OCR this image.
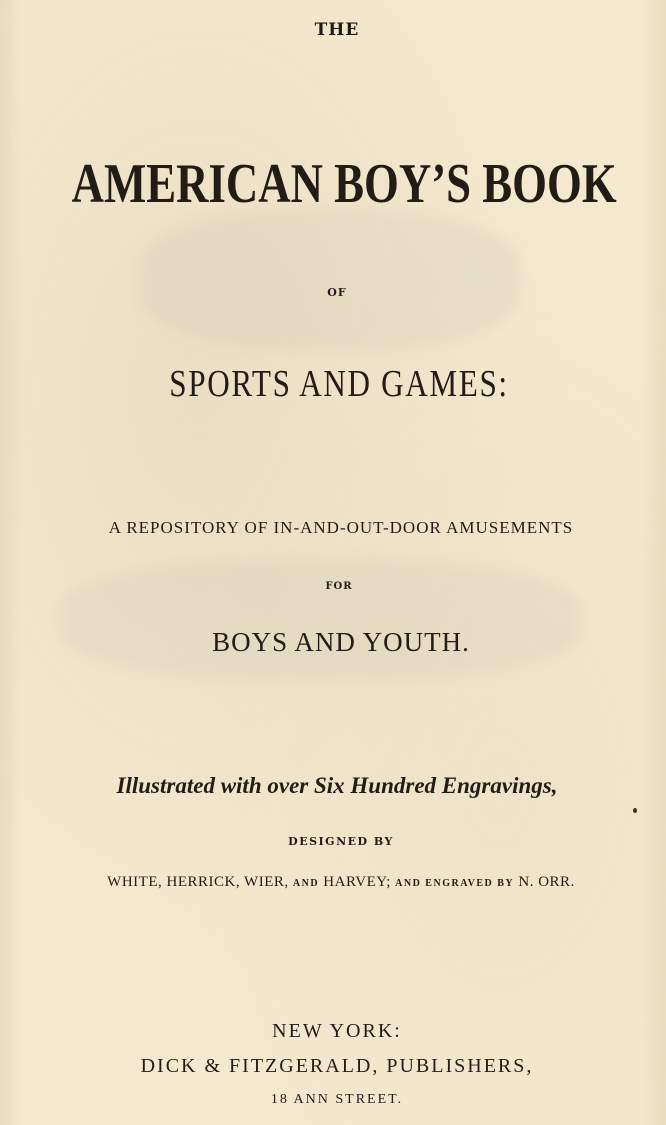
THE
AMERICAN BOY’S BOOK
OF
SPORTS AND GAMES:
A REPOSITORY OF IN-AND-OUT-DOOR AMUSEMENTS
FOR
BOYS AND YOUTH.
Illustrated with over Six Hundred Engravings,
DESIGNED BY
WHITE, HERRICK, WIER, AND HARVEY; AND ENGRAVED BY N. ORR.
NEW YORK:
DICK & FITZGERALD, PUBLISHERS,
18 ANN STREET.
